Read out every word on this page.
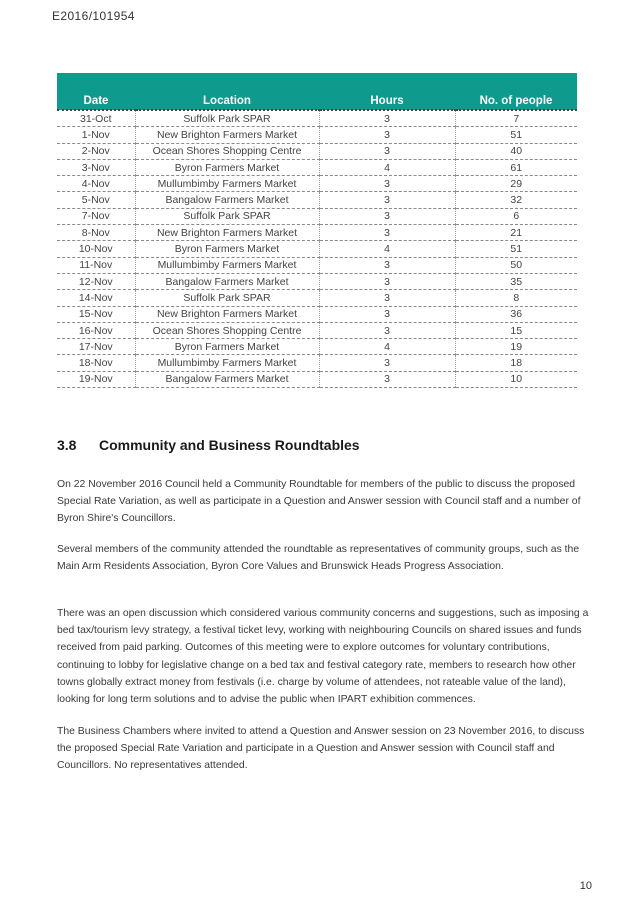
E2016/101954
Date	Location	Hours	No. of people
31-Oct	Suffolk Park SPAR	3	7
1-Nov	New Brighton Farmers Market	3	51
2-Nov	Ocean Shores Shopping Centre	3	40
3-Nov	Byron Farmers Market	4	61
4-Nov	Mullumbimby Farmers Market	3	29
5-Nov	Bangalow Farmers Market	3	32
7-Nov	Suffolk Park SPAR	3	6
8-Nov	New Brighton Farmers Market	3	21
10-Nov	Byron Farmers Market	4	51
11-Nov	Mullumbimby Farmers Market	3	50
12-Nov	Bangalow Farmers Market	3	35
14-Nov	Suffolk Park SPAR	3	8
15-Nov	New Brighton Farmers Market	3	36
16-Nov	Ocean Shores Shopping Centre	3	15
17-Nov	Byron Farmers Market	4	19
18-Nov	Mullumbimby Farmers Market	3	18
19-Nov	Bangalow Farmers Market	3	10
3.8 Community and Business Roundtables

On 22 November 2016 Council held a Community Roundtable for members of the public to discuss the proposed Special Rate Variation, as well as participate in a Question and Answer session with Council staff and a number of Byron Shire's Councillors.

Several members of the community attended the roundtable as representatives of community groups, such as the Main Arm Residents Association, Byron Core Values and Brunswick Heads Progress Association.

There was an open discussion which considered various community concerns and suggestions, such as imposing a bed tax/tourism levy strategy, a festival ticket levy, working with neighbouring Councils on shared issues and funds received from paid parking. Outcomes of this meeting were to explore outcomes for voluntary contributions, continuing to lobby for legislative change on a bed tax and festival category rate, members to research how other towns globally extract money from festivals (i.e. charge by volume of attendees, not rateable value of the land), looking for long term solutions and to advise the public when IPART exhibition commences.

The Business Chambers where invited to attend a Question and Answer session on 23 November 2016, to discuss the proposed Special Rate Variation and participate in a Question and Answer session with Council staff and Councillors. No representatives attended.

10
